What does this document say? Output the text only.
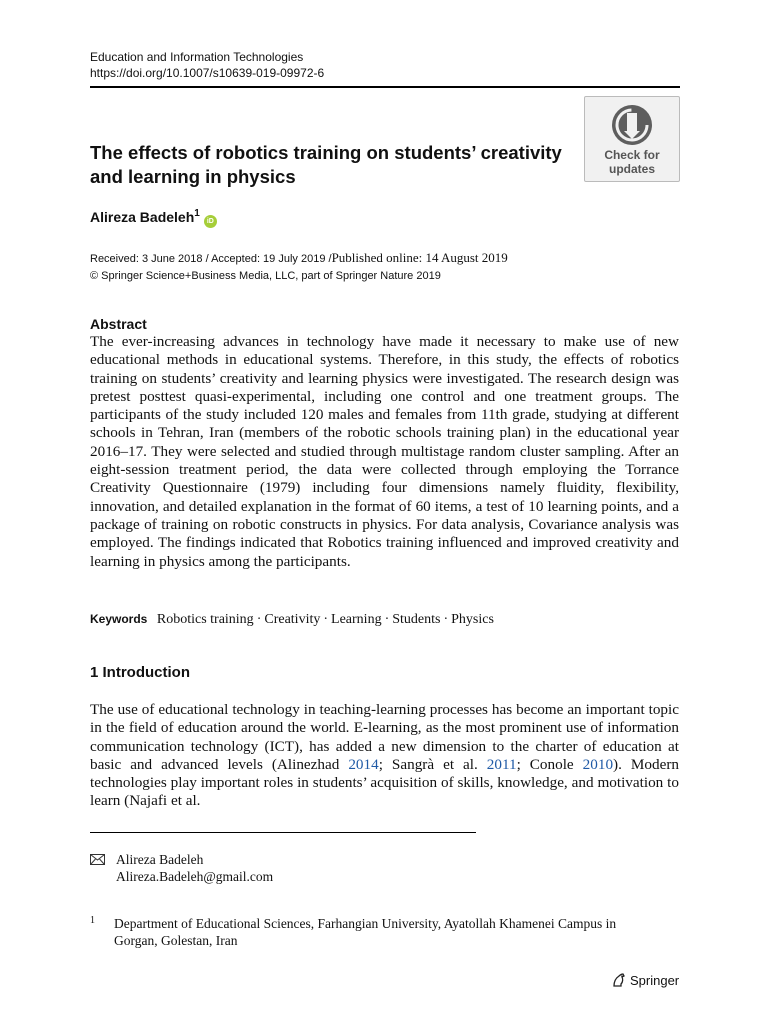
Education and Information Technologies
https://doi.org/10.1007/s10639-019-09972-6
The effects of robotics training on students’ creativity
and learning in physics
Check for
updates
Alireza Badeleh$^1$iD
Received: 3 June 2018 / Accepted: 19 July 2019 /Published online: 14 August 2019
© Springer Science+Business Media, LLC, part of Springer Nature 2019
Abstract
The ever-increasing advances in technology have made it necessary to make use of new educational methods in educational systems. Therefore, in this study, the effects of robotics training on students’ creativity and learning physics were investigated. The research design was pretest posttest quasi-experimental, including one control and one treatment groups. The participants of the study included 120 males and females from 11th grade, studying at different schools in Tehran, Iran (members of the robotic schools training plan) in the educational year 2016–17. They were selected and studied through multistage random cluster sampling. After an eight-session treatment period, the data were collected through employing the Torrance Creativity Questionnaire (1979) including four dimensions namely fluidity, flexibility, innovation, and detailed explanation in the format of 60 items, a test of 10 learning points, and a package of training on robotic constructs in physics. For data analysis, Covariance analysis was employed. The findings indicated that Robotics training influenced and improved creativity and learning in physics among the participants.
Keywords Robotics training · Creativity · Learning · Students · Physics
1 Introduction
The use of educational technology in teaching-learning processes has become an important topic in the field of education around the world. E-learning, as the most prominent use of information communication technology (ICT), has added a new dimension to the charter of education at basic and advanced levels (Alinezhad 2014; Sangrà et al. 2011; Conole 2010). Modern technologies play important roles in students’ acquisition of skills, knowledge, and motivation to learn (Najafi et al.
Alireza Badeleh
Alireza.Badeleh@gmail.com
1 Department of Educational Sciences, Farhangian University, Ayatollah Khamenei Campus in
Gorgan, Golestan, Iran
Springer
